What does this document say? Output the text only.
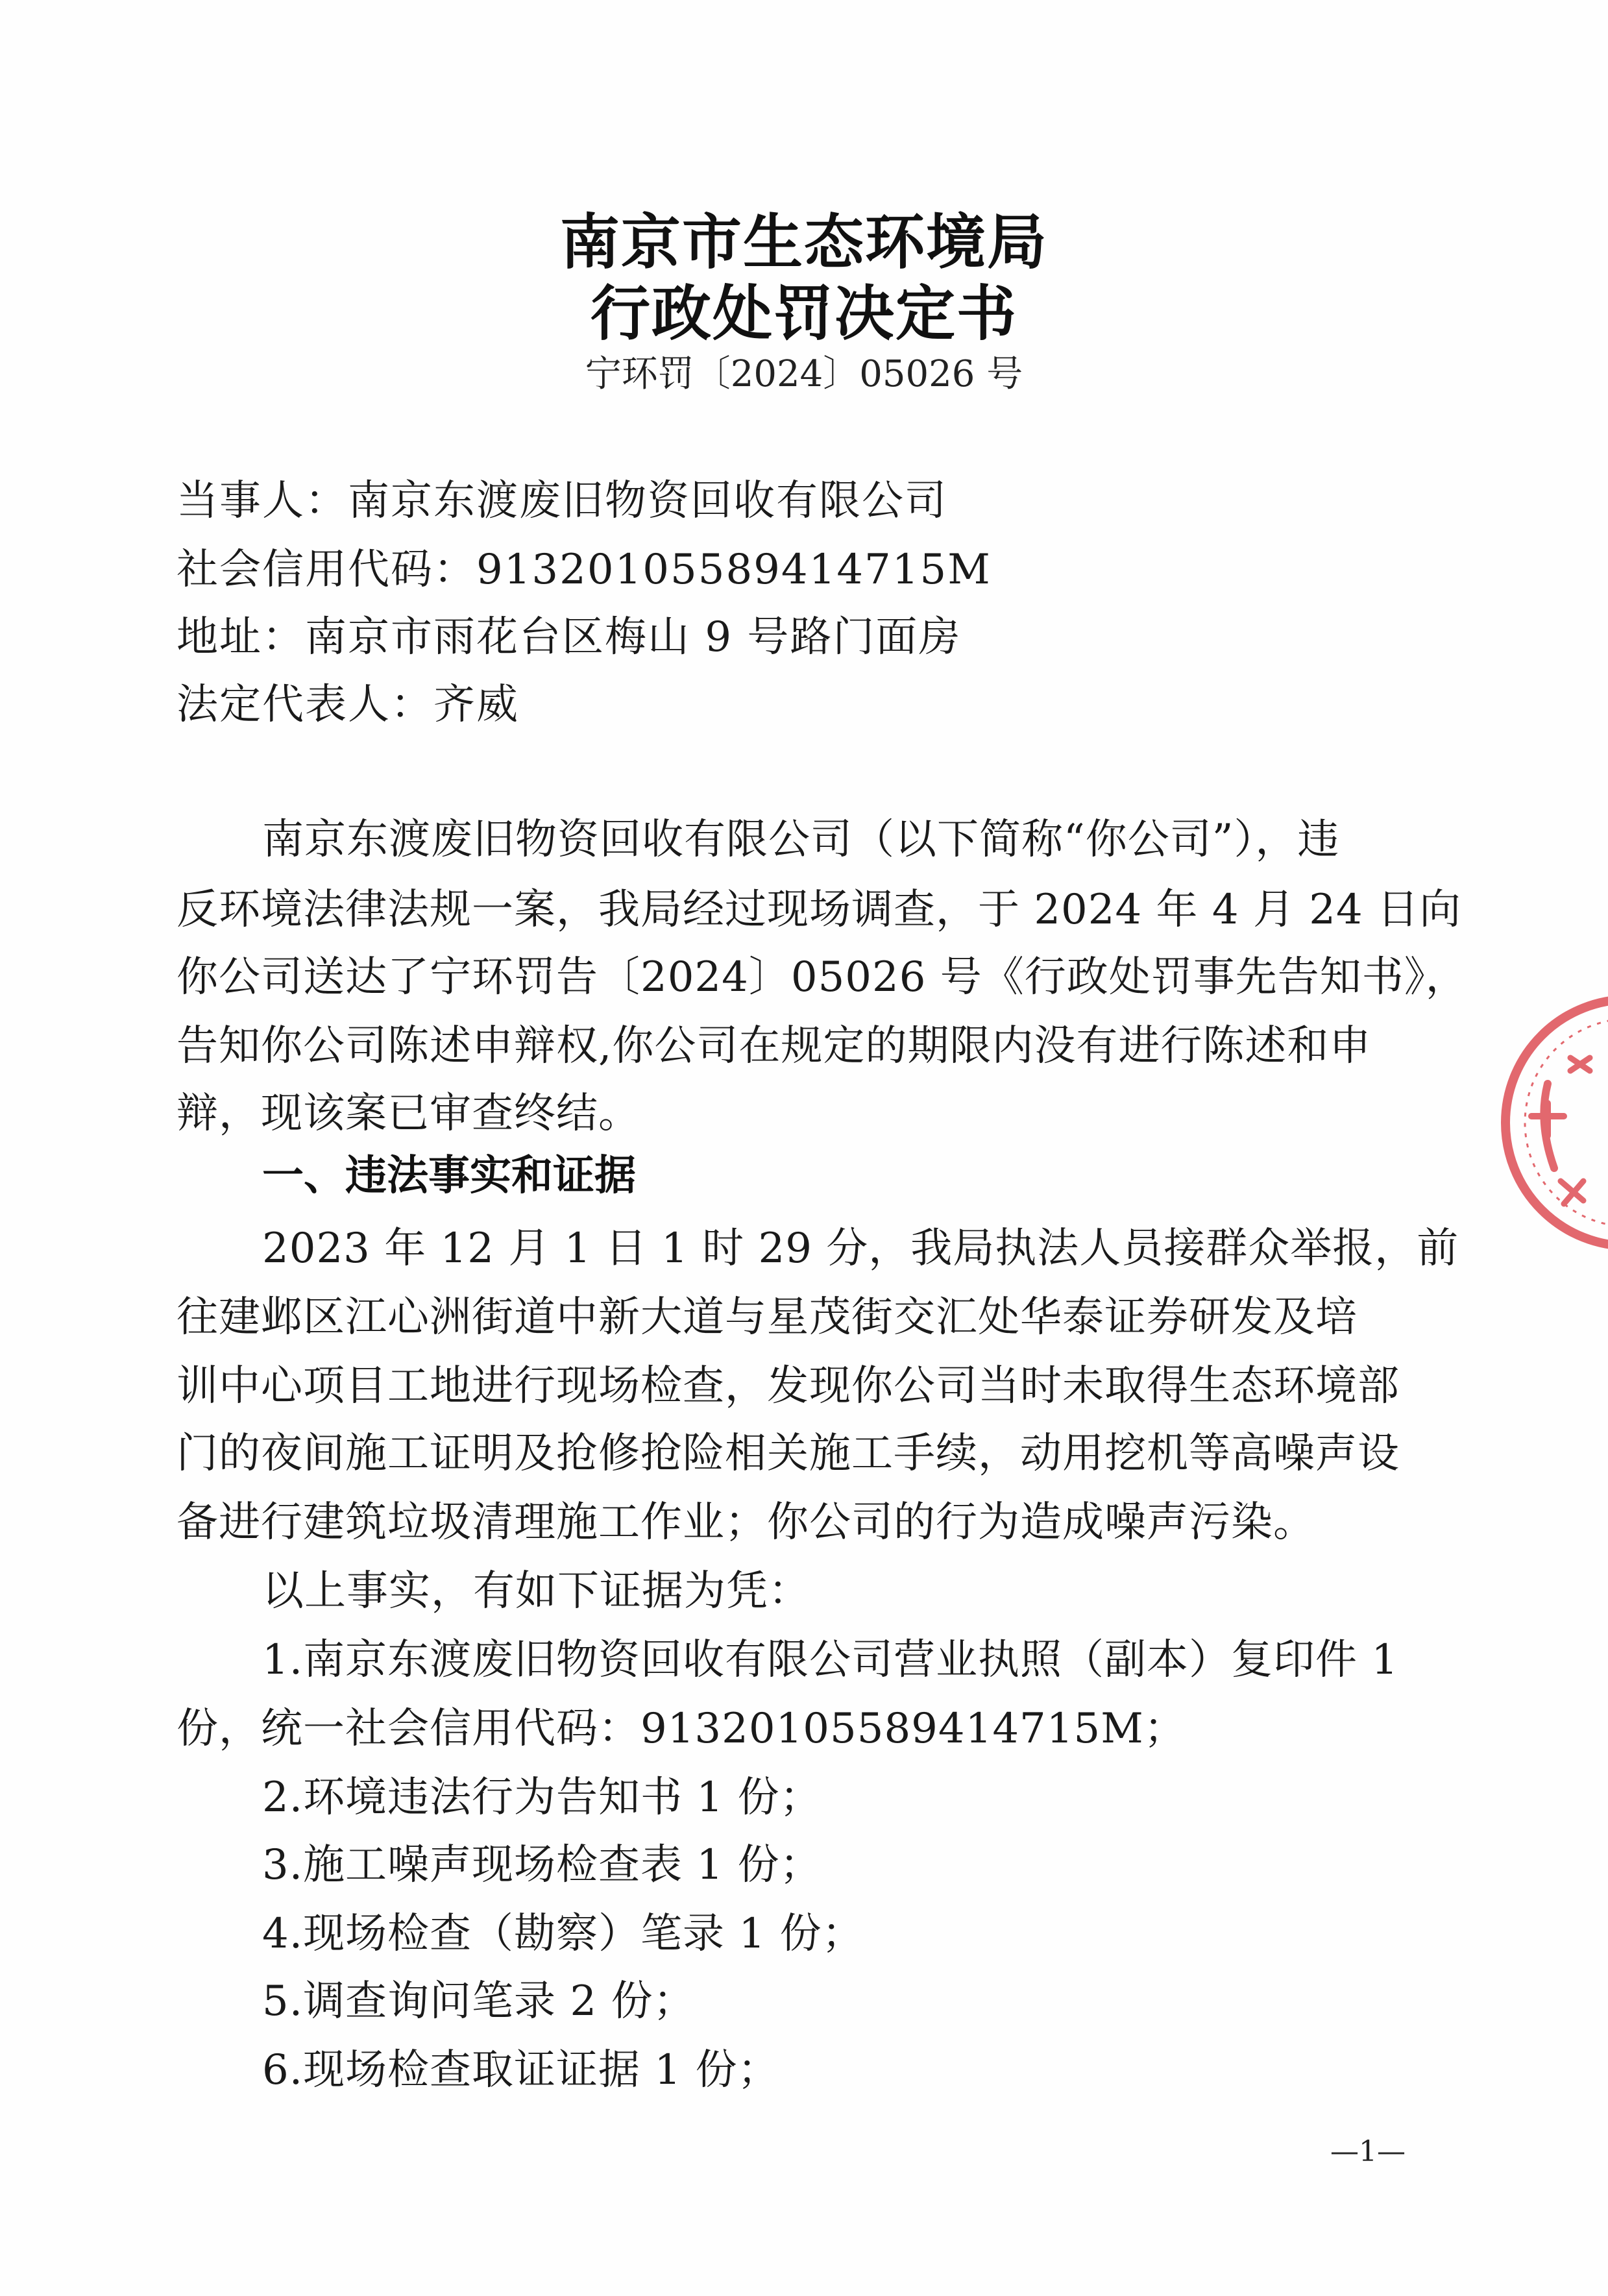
南京市生态环境局
行政处罚决定书
宁环罚〔2024〕05026 号
当事人：南京东渡废旧物资回收有限公司
社会信用代码：91320105589414715M
地址：南京市雨花台区梅山 9 号路门面房
法定代表人：齐威
南京东渡废旧物资回收有限公司（以下简称“你公司”），违
反环境法律法规一案，我局经过现场调查，于 2024 年 4 月 24 日向
你公司送达了宁环罚告〔2024〕05026 号《行政处罚事先告知书》，
告知你公司陈述申辩权,你公司在规定的期限内没有进行陈述和申
辩，现该案已审查终结。
一、违法事实和证据
2023 年 12 月 1 日 1 时 29 分，我局执法人员接群众举报，前
往建邺区江心洲街道中新大道与星茂街交汇处华泰证券研发及培
训中心项目工地进行现场检查，发现你公司当时未取得生态环境部
门的夜间施工证明及抢修抢险相关施工手续，动用挖机等高噪声设
备进行建筑垃圾清理施工作业；你公司的行为造成噪声污染。
以上事实，有如下证据为凭：
1.南京东渡废旧物资回收有限公司营业执照（副本）复印件 1
份，统一社会信用代码：91320105589414715M；
2.环境违法行为告知书 1 份；
3.施工噪声现场检查表 1 份；
4.现场检查（勘察）笔录 1 份；
5.调查询问笔录 2 份；
6.现场检查取证证据 1 份；
—1—
